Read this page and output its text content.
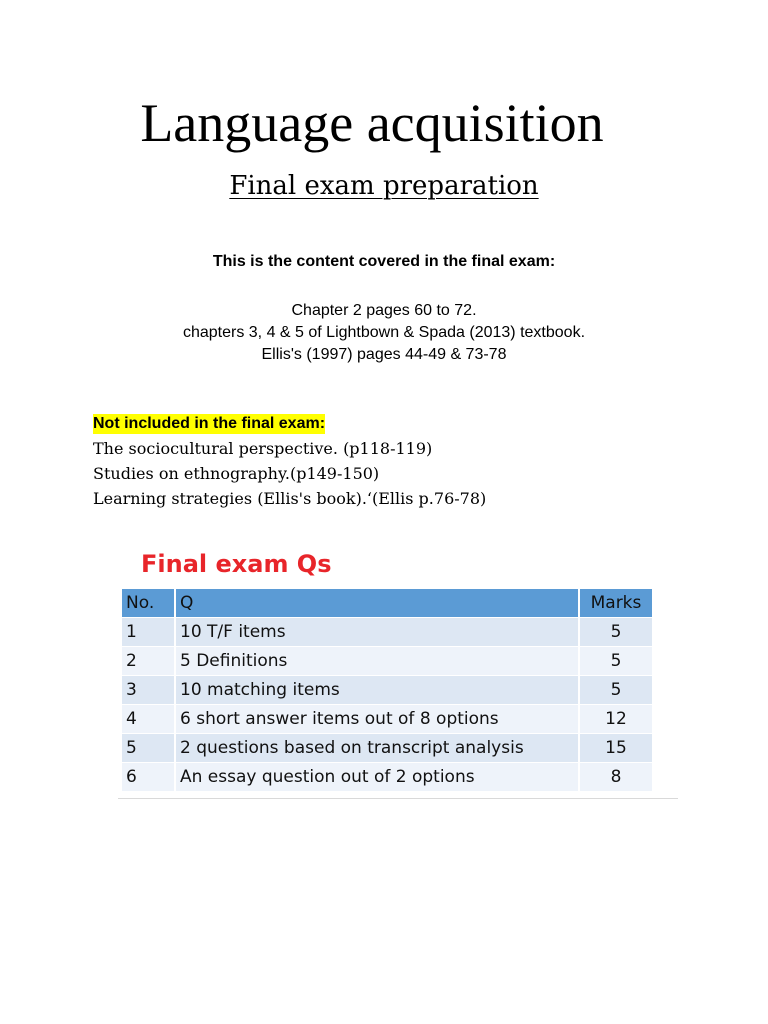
Language acquisition
Final exam preparation
This is the content covered in the final exam:
Chapter 2 pages 60 to 72.
chapters 3, 4 & 5 of Lightbown & Spada (2013) textbook.
Ellis's (1997) pages 44-49 & 73-78
Not included in the final exam:
The sociocultural perspective. (p118-119)
Studies on ethnography.(p149-150)
Learning strategies (Ellis's book).‘(Ellis p.76-78)
Final exam Qs
No.	Q	Marks
1	10 T/F items	5
2	5 Definitions	5
3	10 matching items	5
4	6 short answer items out of 8 options	12
5	2 questions based on transcript analysis	15
6	An essay question out of 2 options	8
